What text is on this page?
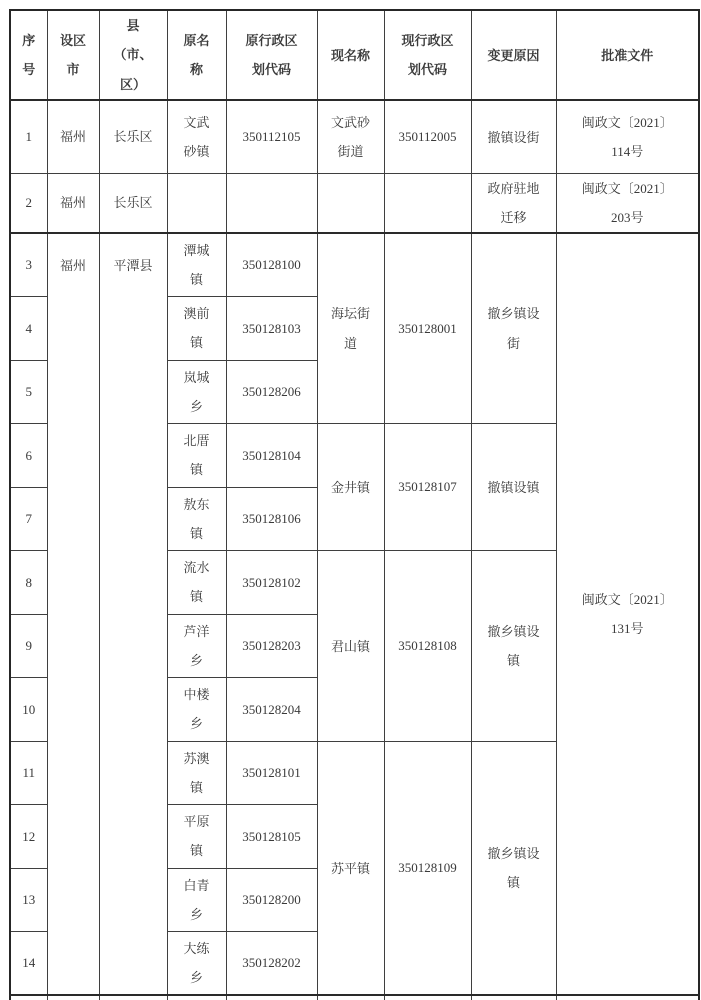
序号	设区市	县（市、区）	原名称	原行政区划代码	现名称	现行政区划代码	变更原因	批准文件
1	福州	长乐区	文武砂镇	350112105	文武砂街道	350112005	撤镇设街	闽政文〔2021〕114号
2	福州	长乐区					政府驻地迁移	闽政文〔2021〕203号
3	福州	平潭县	潭城镇	350128100	海坛街道	350128001	撤乡镇设街	闽政文〔2021〕131号
4			澳前镇	350128103				
5			岚城乡	350128206				
6			北厝镇	350128104	金井镇	350128107	撤镇设镇	
7			敖东镇	350128106				
8			流水镇	350128102	君山镇	350128108	撤乡镇设镇	
9			芦洋乡	350128203				
10			中楼乡	350128204				
11			苏澳镇	350128101	苏平镇	350128109	撤乡镇设镇	
12			平原镇	350128105				
13			白青乡	350128200				
14			大练乡	350128202				
